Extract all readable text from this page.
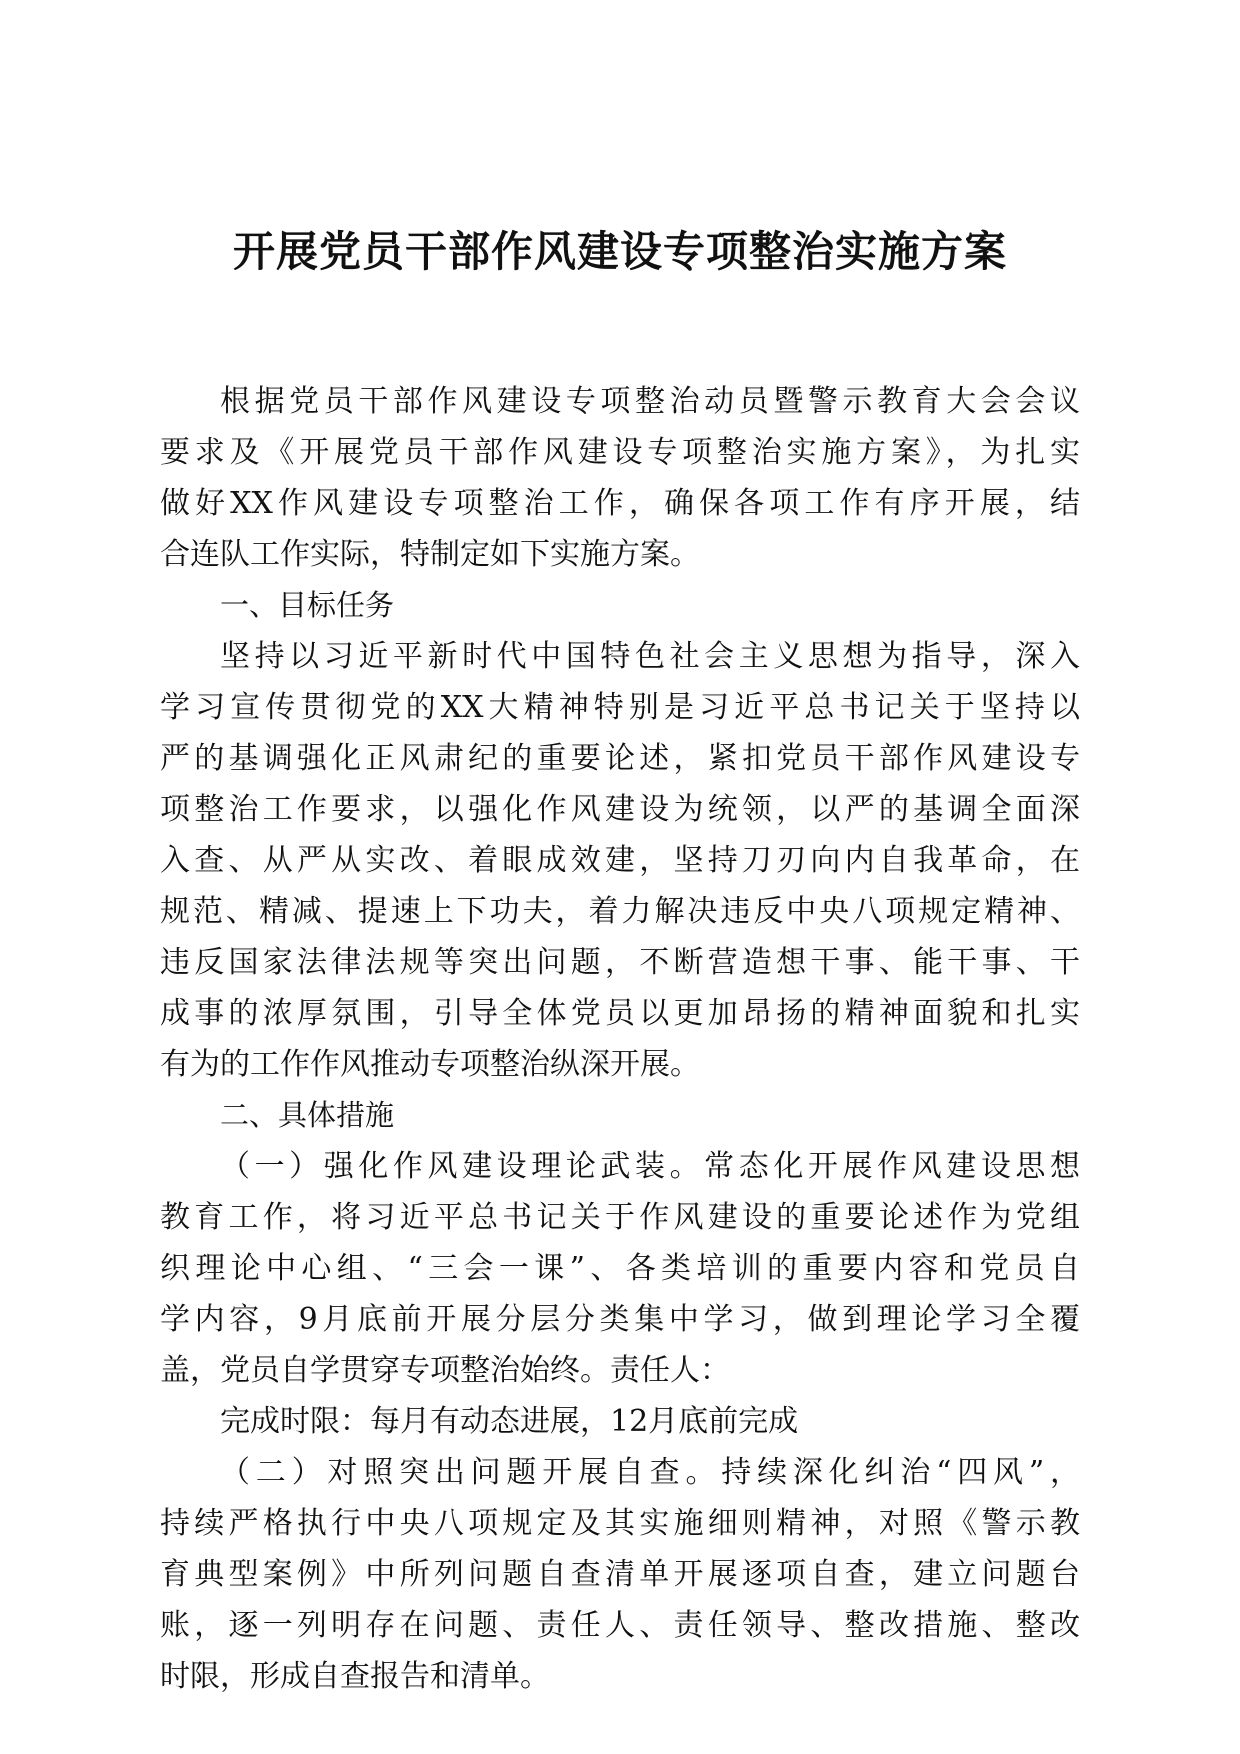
开展党员干部作风建设专项整治实施方案
根据党员干部作风建设专项整治动员暨警示教育大会会议
要求及《开展党员干部作风建设专项整治实施方案》，为扎实
做好XX作风建设专项整治工作，确保各项工作有序开展，结
合连队工作实际，特制定如下实施方案。
一、目标任务
坚持以习近平新时代中国特色社会主义思想为指导，深入
学习宣传贯彻党的XX大精神特别是习近平总书记关于坚持以
严的基调强化正风肃纪的重要论述，紧扣党员干部作风建设专
项整治工作要求，以强化作风建设为统领，以严的基调全面深
入查、从严从实改、着眼成效建，坚持刀刃向内自我革命，在
规范、精减、提速上下功夫，着力解决违反中央八项规定精神、
违反国家法律法规等突出问题，不断营造想干事、能干事、干
成事的浓厚氛围，引导全体党员以更加昂扬的精神面貌和扎实
有为的工作作风推动专项整治纵深开展。
二、具体措施
（一）强化作风建设理论武装。常态化开展作风建设思想
教育工作，将习近平总书记关于作风建设的重要论述作为党组
织理论中心组、“三会一课”、各类培训的重要内容和党员自
学内容，9月底前开展分层分类集中学习，做到理论学习全覆
盖，党员自学贯穿专项整治始终。责任人：
完成时限：每月有动态进展，12月底前完成
（二）对照突出问题开展自查。持续深化纠治“四风”，
持续严格执行中央八项规定及其实施细则精神，对照《警示教
育典型案例》中所列问题自查清单开展逐项自查，建立问题台
账，逐一列明存在问题、责任人、责任领导、整改措施、整改
时限，形成自查报告和清单。
